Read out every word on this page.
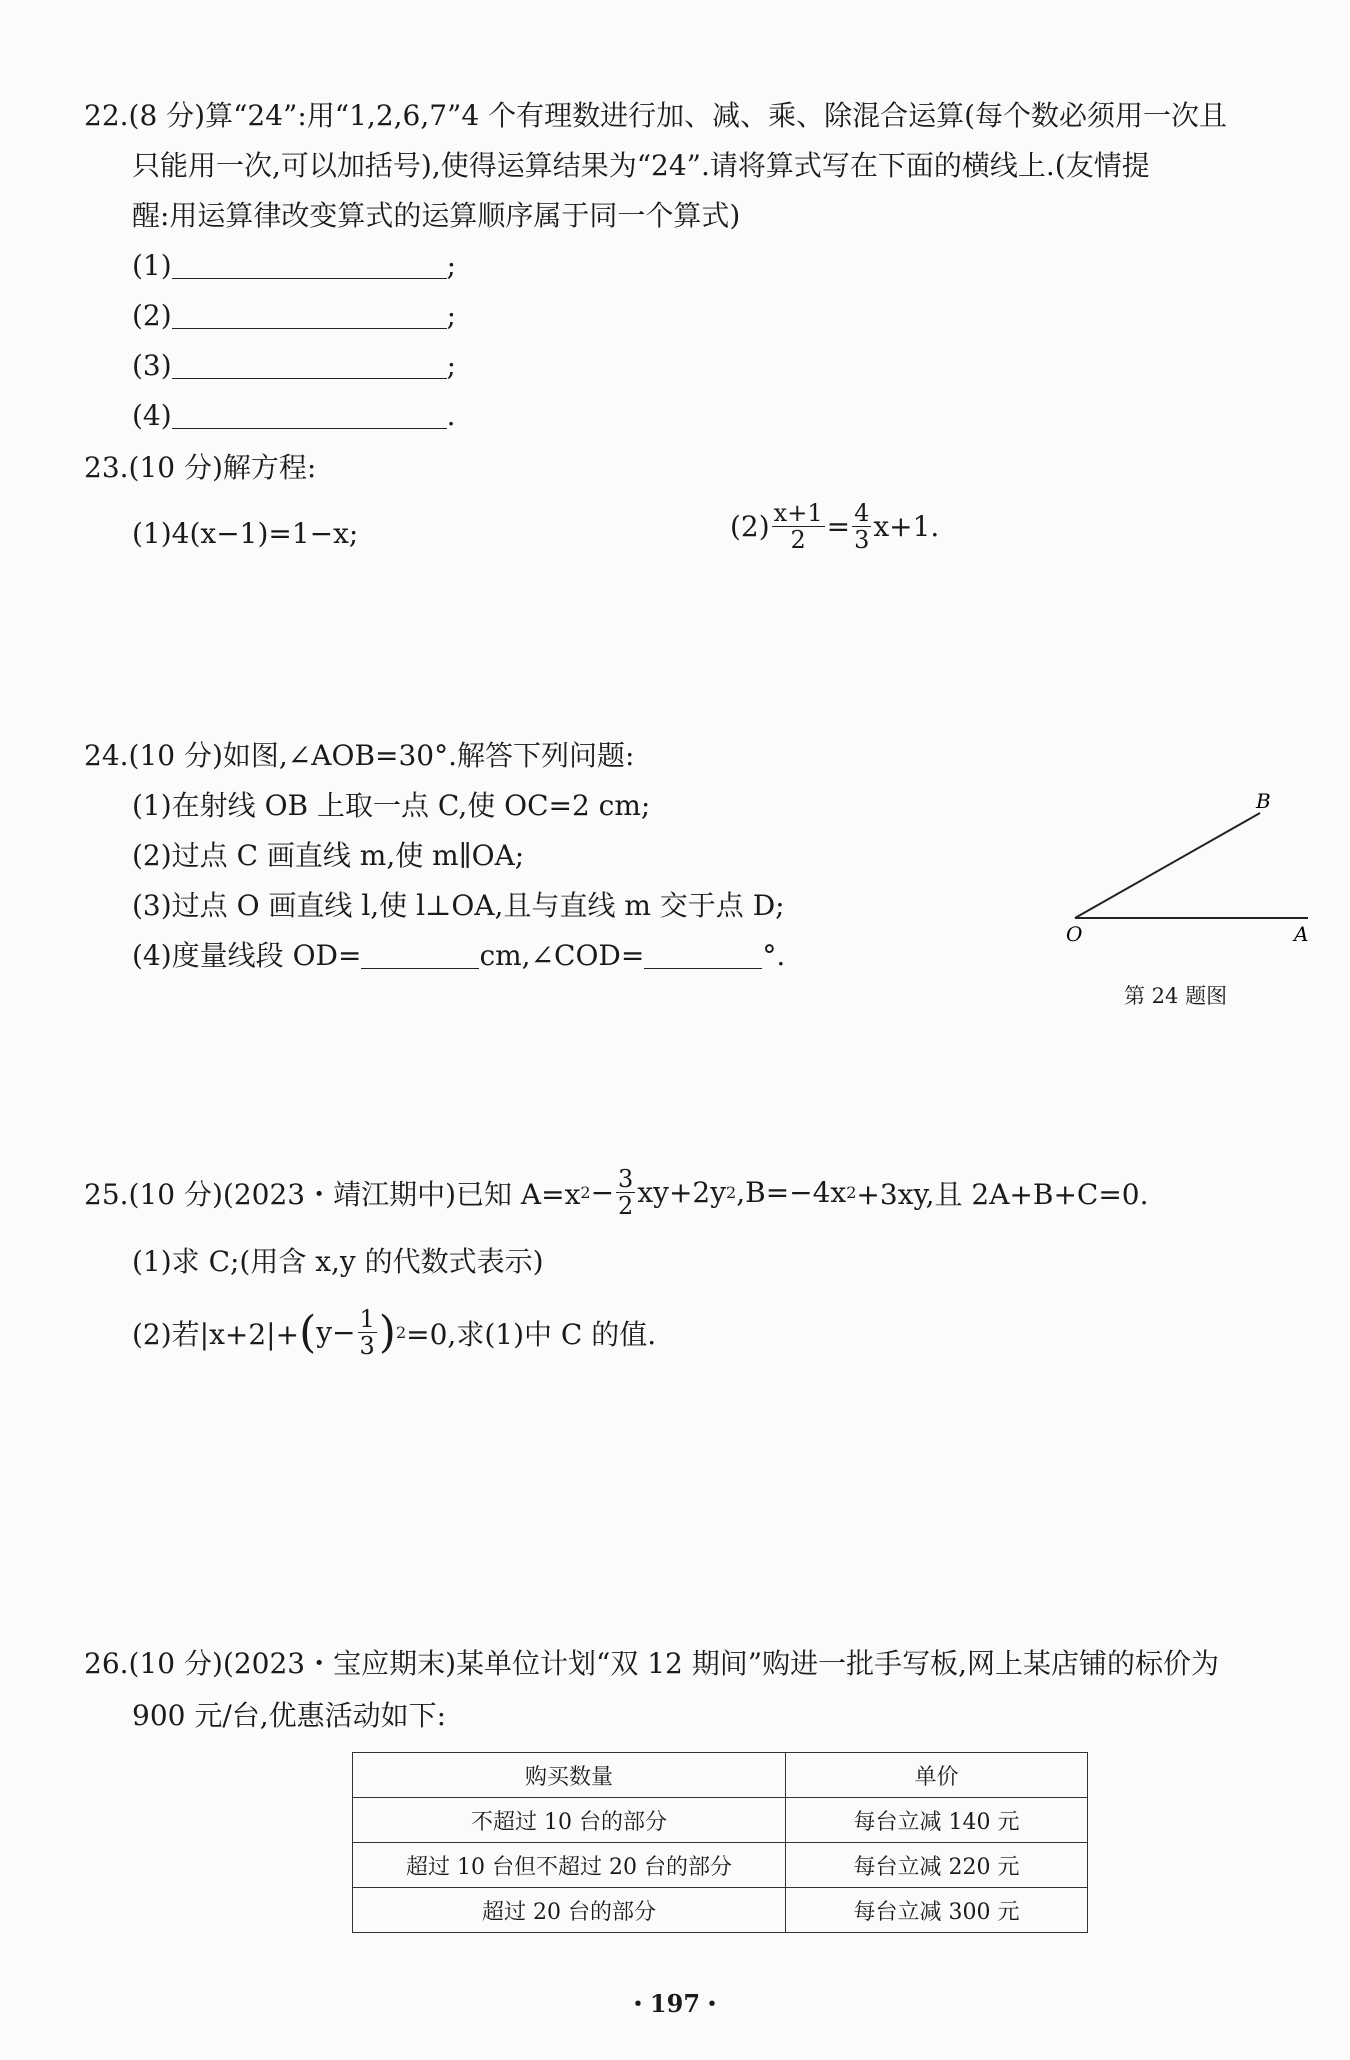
22.(8 分)算“24”:用“1,2,6,7”4 个有理数进行加、减、乘、除混合运算(每个数必须用一次且
只能用一次,可以加括号),使得运算结果为“24”.请将算式写在下面的横线上.(友情提
醒:用运算律改变算式的运算顺序属于同一个算式)
(1)	;
(2)	;
(3)	;
(4)	.
23.(10 分)解方程:
(1)4(x−1)=1−x;	$(2) \frac{x+1}{2} = \frac{4}{3} x+1$.
24.(10 分)如图,∠AOB=30°.解答下列问题:
(1)在射线 OB 上取一点 C,使 OC=2 cm;
(2)过点 C 画直线 m,使 m∥OA;
(3)过点 O 画直线 l,使 l⊥OA,且与直线 m 交于点 D;
(4)度量线段 OD=	cm,∠COD=	°.
O	A
B
第 24 题图
25.(10 分)(2023・靖江期中)已知 A=x $2 - \frac{3}{2} xy+2y$ 2 ,B=−4x 2 +3xy,且 2A+B+C=0.
(1)求 C;(用含 x,y 的代数式表示)
(2)若|x+2|+ ( $y- \frac{1}{3}$ ) 2 =0,求(1)中 C 的值.
26.(10 分)(2023・宝应期末)某单位计划“双 12 期间”购进一批手写板,网上某店铺的标价为
900 元/台,优惠活动如下:
购买数量	单价
不超过 10 台的部分	每台立减 140 元
超过 10 台但不超过 20 台的部分	每台立减 220 元
超过 20 台的部分	每台立减 300 元
・197・
